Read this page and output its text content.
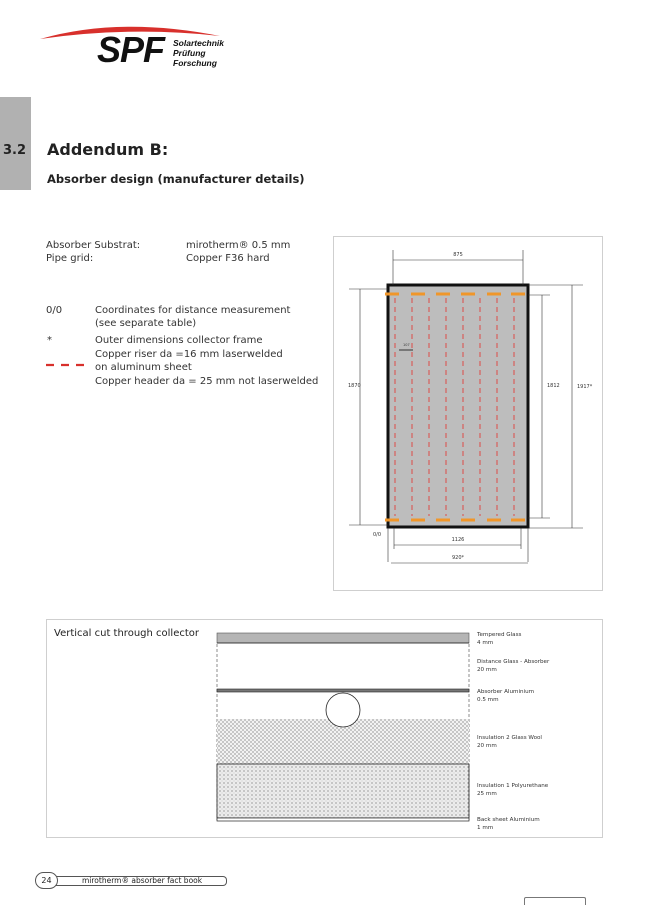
SPF Solartechnik
Prüfung
Forschung
3.2 Addendum B:
Absorber design (manufacturer details)
Absorber Substrat:	mirotherm® 0.5 mm
Pipe grid:	Copper F36 hard
0/0	Coordinates for distance measurement
(see separate table)
*	Outer dimensions collector frame
Copper riser da =16 mm laserwelded
on aluminum sheet
Copper header da = 25 mm not laserwelded
875
1870	1812	1917*
107
0/0
1126
920*
Vertical cut through collector	Tempered Glass
4 mm
Distance Glass - Absorber
20 mm
Absorber Aluminium
0.5 mm
Insulation 2 Glass Wool
20 mm
Insulation 1 Polyurethane
25 mm
Back sheet Aluminium
1 mm
24	mirotherm® absorber fact book
